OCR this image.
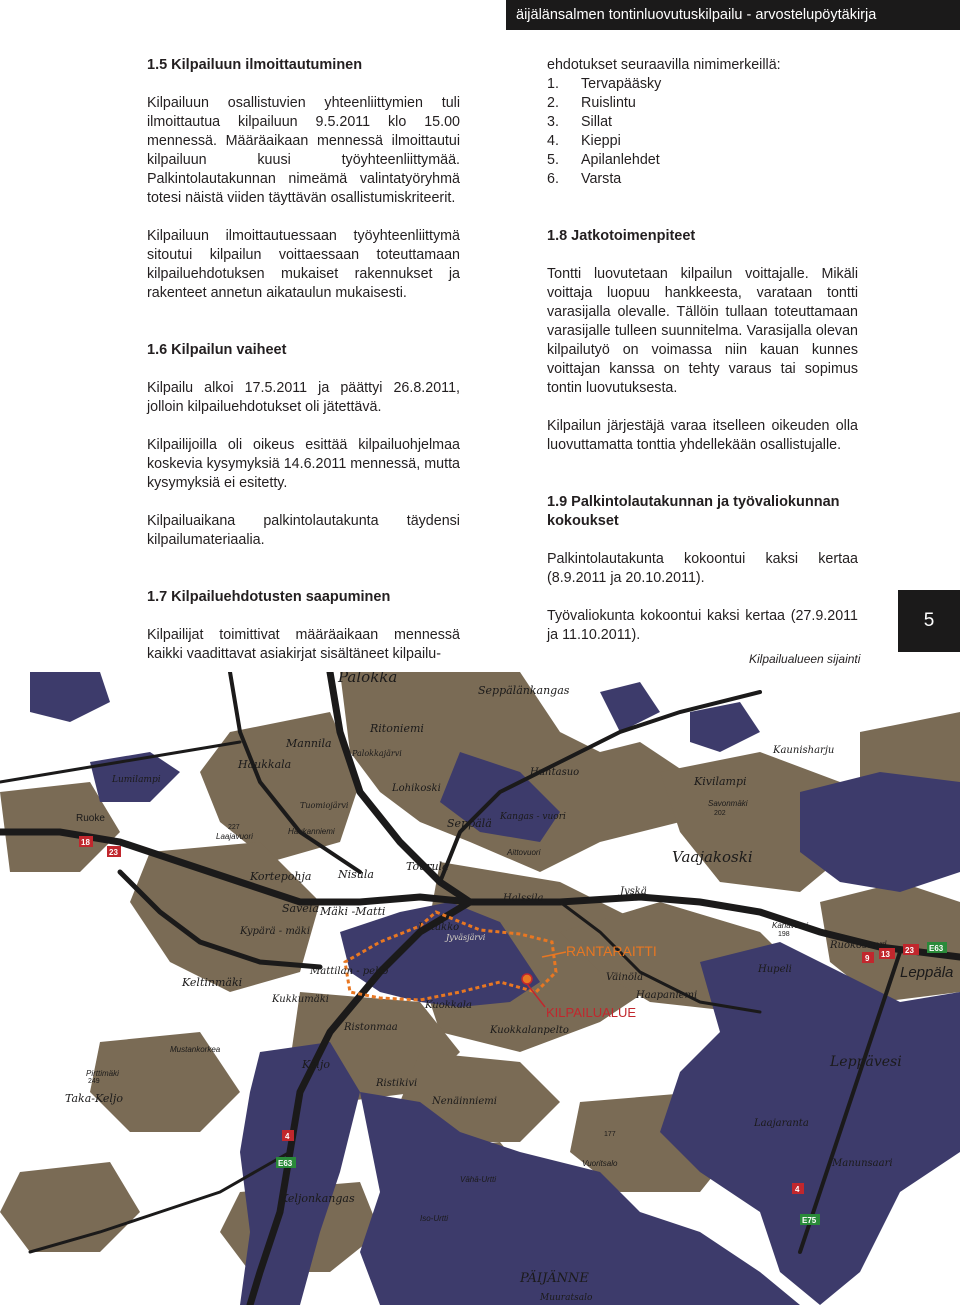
äijälänsalmen tontinluovutuskilpailu - arvostelupöytäkirja
1.5 Kilpailuun ilmoittautuminen

Kilpailuun osallistuvien yhteenliittymien tuli ilmoittautua kilpailuun 9.5.2011 klo 15.00 mennessä. Määräaikaan mennessä ilmoittautui kilpailuun kuusi työyhteenliittymää. Palkintolautakunnan nimeämä valintatyöryhmä totesi näistä viiden täyttävän osallistumiskriteerit.

Kilpailuun ilmoittautuessaan työyhteenliittymä sitoutui kilpailun voittaessaan toteuttamaan kilpailuehdotuksen mukaiset rakennukset ja rakenteet annetun aikataulun mukaisesti.

1.6 Kilpailun vaiheet

Kilpailu alkoi 17.5.2011 ja päättyi 26.8.2011, jolloin kilpailuehdotukset oli jätettävä.

Kilpailijoilla oli oikeus esittää kilpailuohjelmaa koskevia kysymyksiä 14.6.2011 mennessä, mutta kysymyksiä ei esitetty.

Kilpailuaikana palkintolautakunta täydensi kilpailumateriaalia.

1.7 Kilpailuehdotusten saapuminen

Kilpailijat toimittivat määräaikaan mennessä kaikki vaadittavat asiakirjat sisältäneet kilpailu-

ehdotukset seuraavilla nimimerkeillä:

1.	Tervapääsky
2.	Ruislintu
3.	Sillat
4.	Kieppi
5.	Apilanlehdet
6.	Varsta
1.8 Jatkotoimenpiteet

Tontti luovutetaan kilpailun voittajalle. Mikäli voittaja luopuu hankkeesta, varataan tontti varasijalla olevalle. Tällöin tullaan toteuttamaan varasijalle tulleen suunnitelma. Varasijalla olevan kilpailutyö on voimassa niin kauan kunnes voittajan kanssa on tehty varaus tai sopimus tontin luovutuksesta.

Kilpailun järjestäjä varaa itselleen oikeuden olla luovuttamatta tonttia yhdellekään osallistujalle.

1.9 Palkintolautakunnan ja työvaliokunnan kokoukset

Palkintolautakunta kokoontui kaksi kertaa (8.9.2011 ja 20.10.2011).

Työvaliokunta kokoontui kaksi kertaa (27.9.2011 ja 11.10.2011).

5
Kilpailualueen sijainti
18
23
9 13 23 E63
4
E63
4
E75
Palokka
Seppälänkangas
Ritoniemi
Mannila
Haukkala
Lohikoski
Huhtasuo
Kaunisharju
Kivilampi
Savonmäki
Lumilampi
Ruoke
Laajavuori
Haukanniemi
Seppälä Kangas - vuori
Aittovuori	Vaajakoski
Kortepohja Nisula
Tourula
Jyskä
Kanavuori
Halssila
Savela Mäki -Matti
Lutakko
Kypärä - mäki
RANTARAITTI	Ruokosaari
Keltinmäki
Mattilan - pelto
Väinölä
Hupeli	Leppäla
Kukkumäki
Kuokkala
Haapaniemi
KILPAILUALUE
Kuokkalanpelto
Ristonmaa
Mustankorkea
Pirttimäki
Taka-Keljo
Keljo
Ristikivi
Leppävesi
Nenäinniemi
Laajaranta
Vuoritsalo	Manunsaari
Keljonkangas
PÄIJÄNNE
Muuratsalo
Iso-Urtti
Vähä-Urtti
Tuomiojärvi
Jyväsjärvi
Palokkajärvi
249
227
202
198
177
